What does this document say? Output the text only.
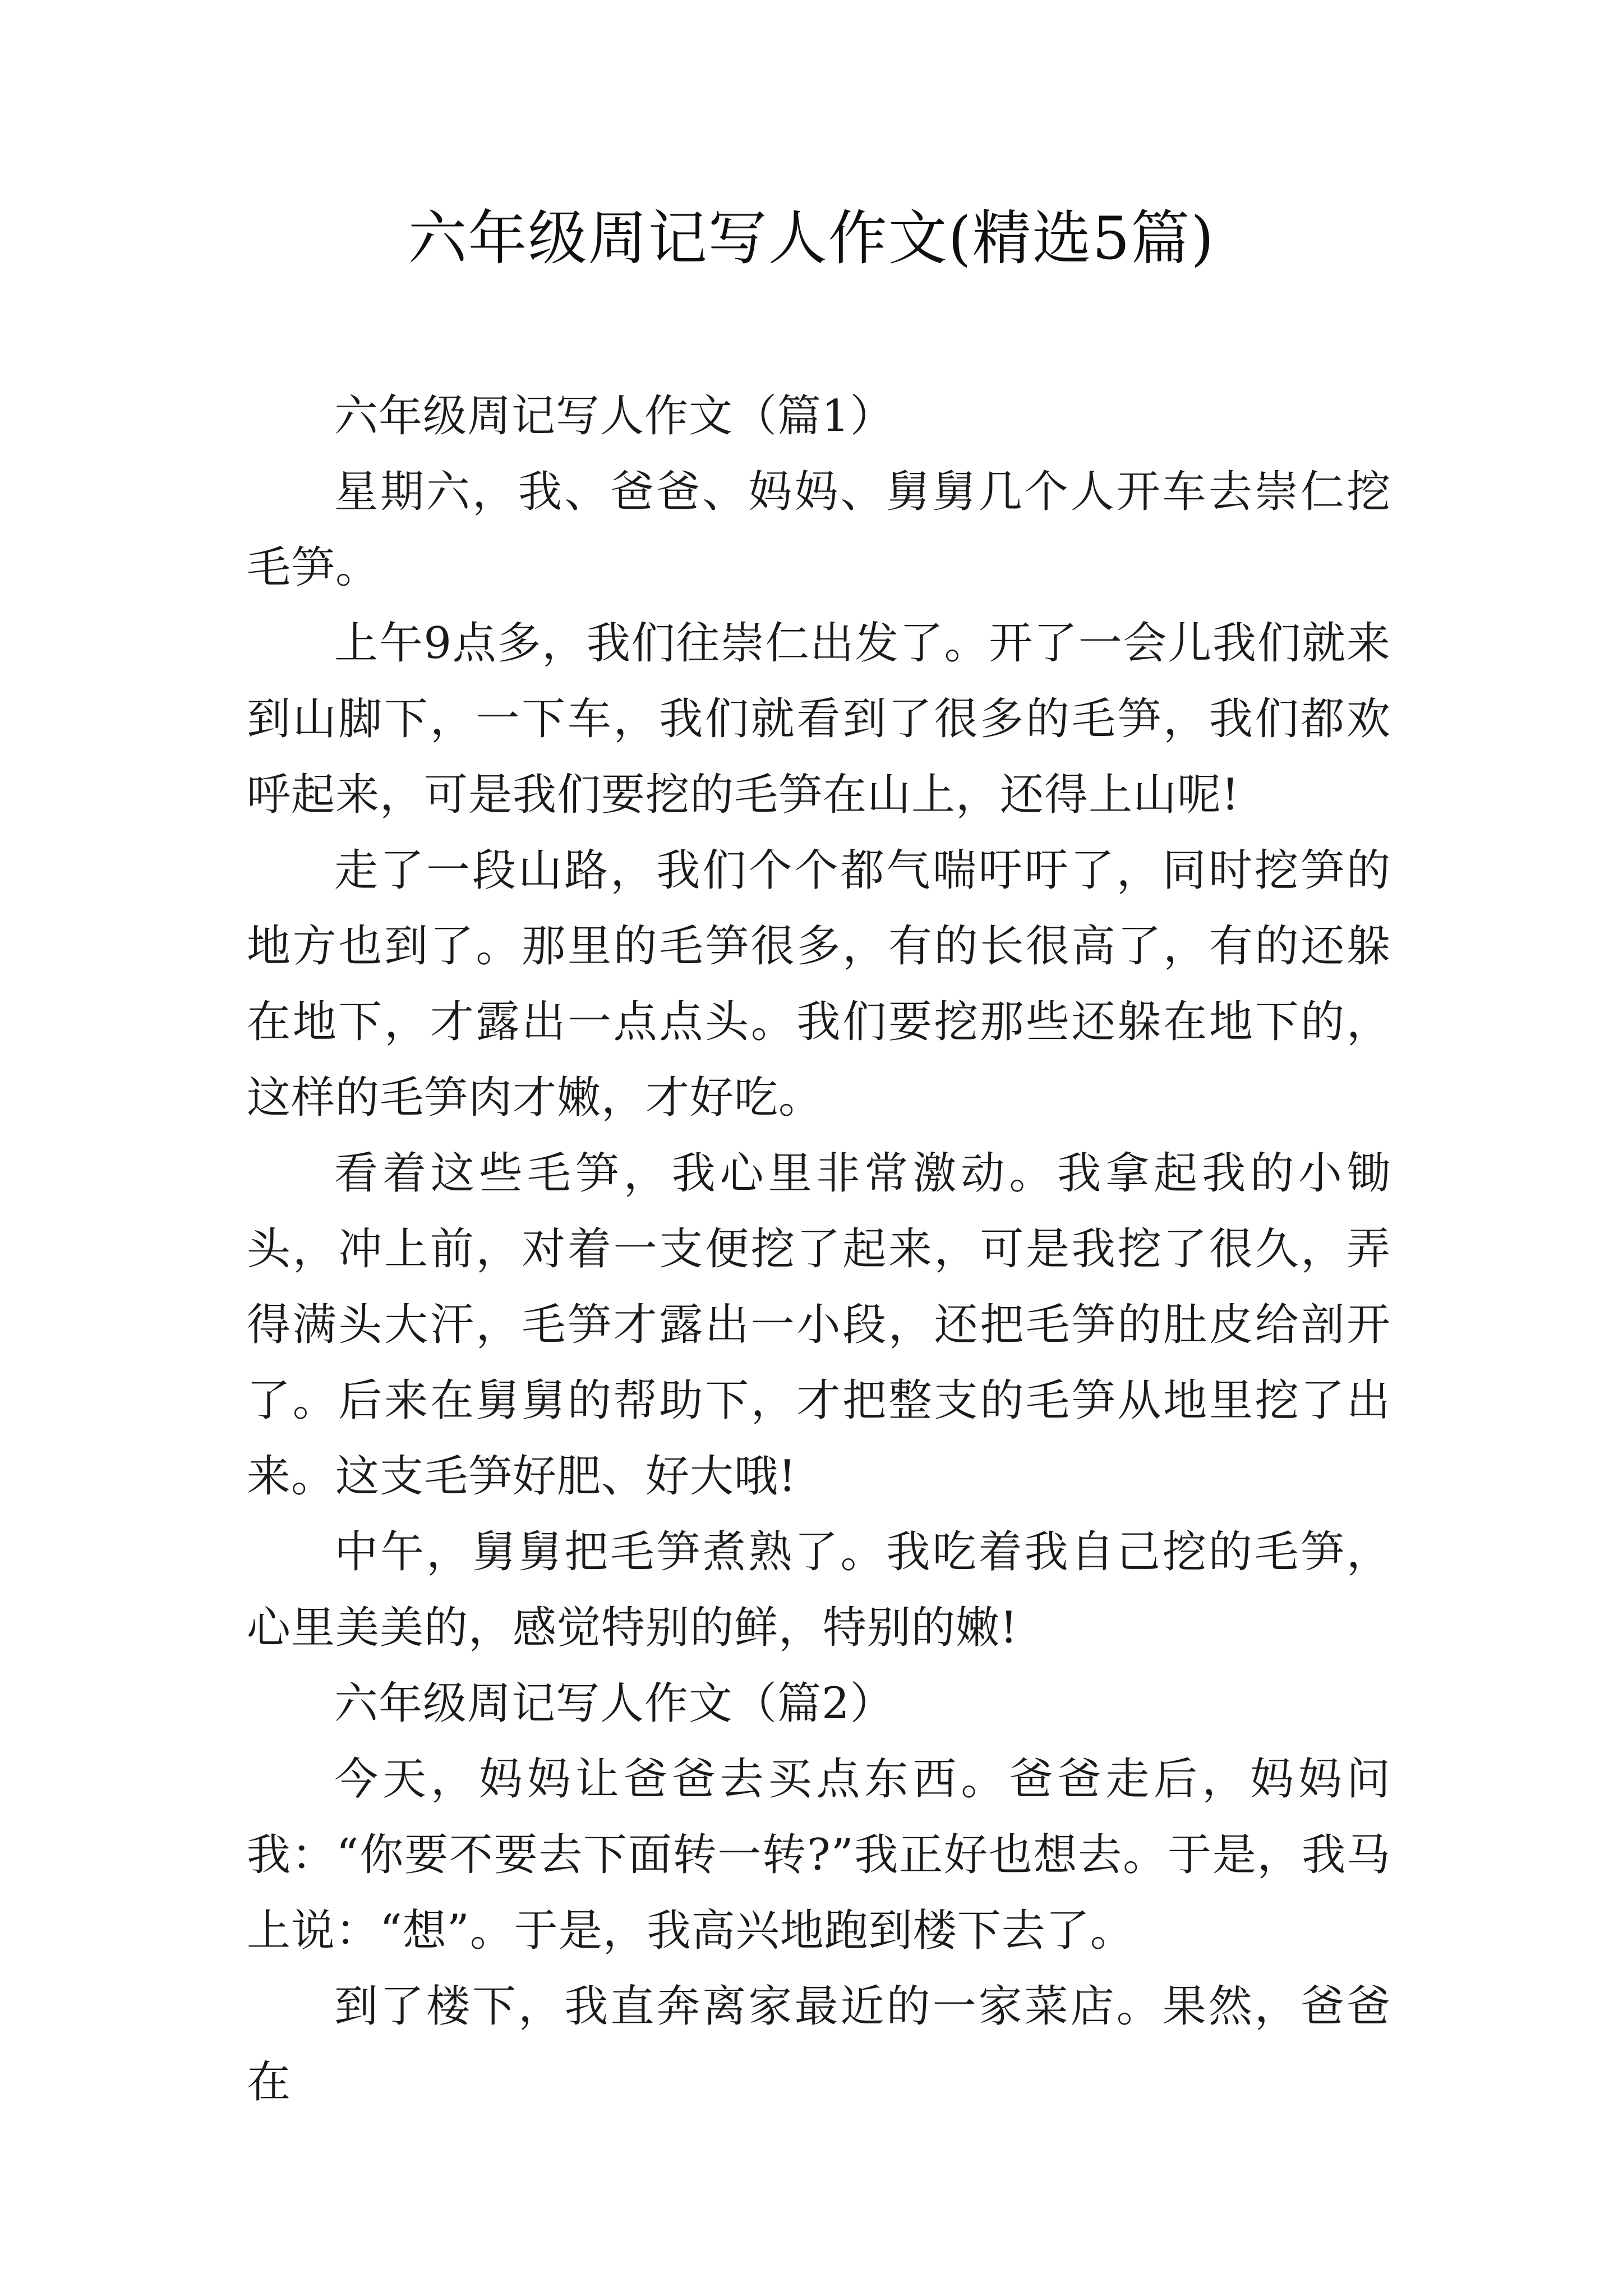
六年级周记写人作文(精选5篇)

六年级周记写人作文（篇1）

星期六，我、爸爸、妈妈、舅舅几个人开车去崇仁挖毛笋。

上午9点多，我们往崇仁出发了。开了一会儿我们就来到山脚下，一下车，我们就看到了很多的毛笋，我们都欢呼起来，可是我们要挖的毛笋在山上，还得上山呢!

走了一段山路，我们个个都气喘吁吁了，同时挖笋的地方也到了。那里的毛笋很多，有的长很高了，有的还躲在地下，才露出一点点头。我们要挖那些还躲在地下的，这样的毛笋肉才嫩，才好吃。

看着这些毛笋，我心里非常激动。我拿起我的小锄头，冲上前，对着一支便挖了起来，可是我挖了很久，弄得满头大汗，毛笋才露出一小段，还把毛笋的肚皮给剖开了。后来在舅舅的帮助下，才把整支的毛笋从地里挖了出来。这支毛笋好肥、好大哦!

中午，舅舅把毛笋煮熟了。我吃着我自己挖的毛笋，心里美美的，感觉特别的鲜，特别的嫩!

六年级周记写人作文（篇2）

今天，妈妈让爸爸去买点东西。爸爸走后，妈妈问我：“你要不要去下面转一转?”我正好也想去。于是，我马上说：“想”。于是，我高兴地跑到楼下去了。

到了楼下，我直奔离家最近的一家菜店。果然，爸爸在
